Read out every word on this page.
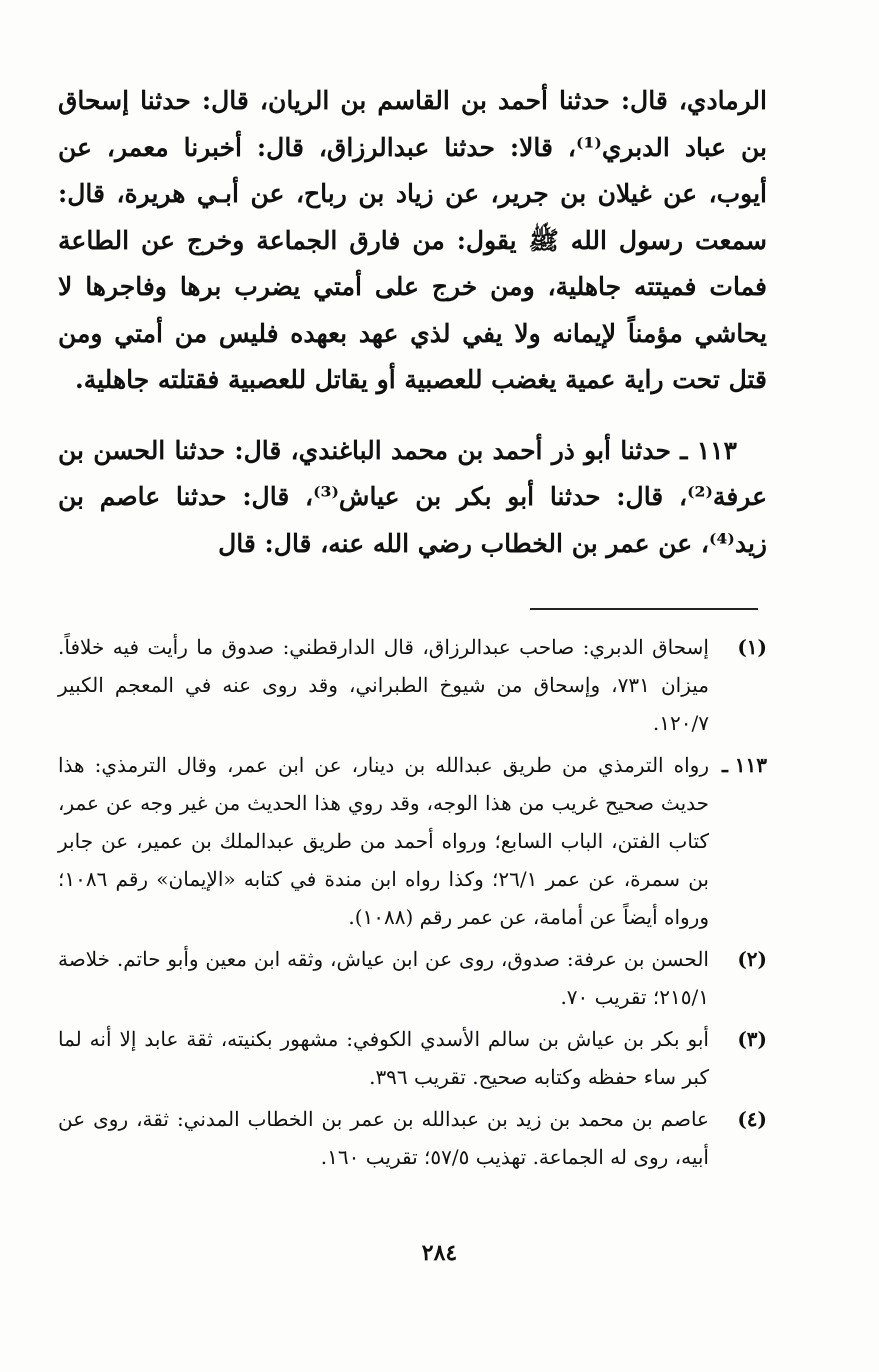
الرمادي، قال: حدثنا أحمد بن القاسم بن الريان، قال: حدثنا إسحاق بن عباد الدبري⁽¹⁾، قالا: حدثنا عبدالرزاق، قال: أخبرنا معمر، عن أيوب، عن غيلان بن جرير، عن زياد بن رباح، عن أبـي هريرة، قال: سمعت رسول الله ﷺ يقول: من فارق الجماعة وخرج عن الطاعة فمات فميتته جاهلية، ومن خرج على أمتي يضرب برها وفاجرها لا يحاشي مؤمناً لإيمانه ولا يفي لذي عهد بعهده فليس من أمتي ومن قتل تحت راية عمية يغضب للعصبية أو يقاتل للعصبية فقتلته جاهلية.

١١٣ ـ حدثنا أبو ذر أحمد بن محمد الباغندي، قال: حدثنا الحسن بن عرفة⁽²⁾، قال: حدثنا أبو بكر بن عياش⁽³⁾، قال: حدثنا عاصم بن زيد⁽⁴⁾، عن عمر بن الخطاب رضي الله عنه، قال: قال

(١)
إسحاق الدبري: صاحب عبدالرزاق، قال الدارقطني: صدوق ما رأيت فيه خلافاً. ميزان ٧٣١، وإسحاق من شيوخ الطبراني، وقد روى عنه في المعجم الكبير ١٢٠/٧.
١١٣ ـ
رواه الترمذي من طريق عبدالله بن دينار، عن ابن عمر، وقال الترمذي: هذا حديث صحيح غريب من هذا الوجه، وقد روي هذا الحديث من غير وجه عن عمر، كتاب الفتن، الباب السابع؛ ورواه أحمد من طريق عبدالملك بن عمير، عن جابر بن سمرة، عن عمر ٢٦/١؛ وكذا رواه ابن مندة في كتابه «الإيمان» رقم ١٠٨٦؛ ورواه أيضاً عن أمامة، عن عمر رقم (١٠٨٨).
(٢)
الحسن بن عرفة: صدوق، روى عن ابن عياش، وثقه ابن معين وأبو حاتم. خلاصة ٢١٥/١؛ تقريب ٧٠.
(٣)
أبو بكر بن عياش بن سالم الأسدي الكوفي: مشهور بكنيته، ثقة عابد إلا أنه لما كبر ساء حفظه وكتابه صحيح. تقريب ٣٩٦.
(٤)
عاصم بن محمد بن زيد بن عبدالله بن عمر بن الخطاب المدني: ثقة، روى عن أبيه، روى له الجماعة. تهذيب ٥٧/٥؛ تقريب ١٦٠.
٢٨٤
